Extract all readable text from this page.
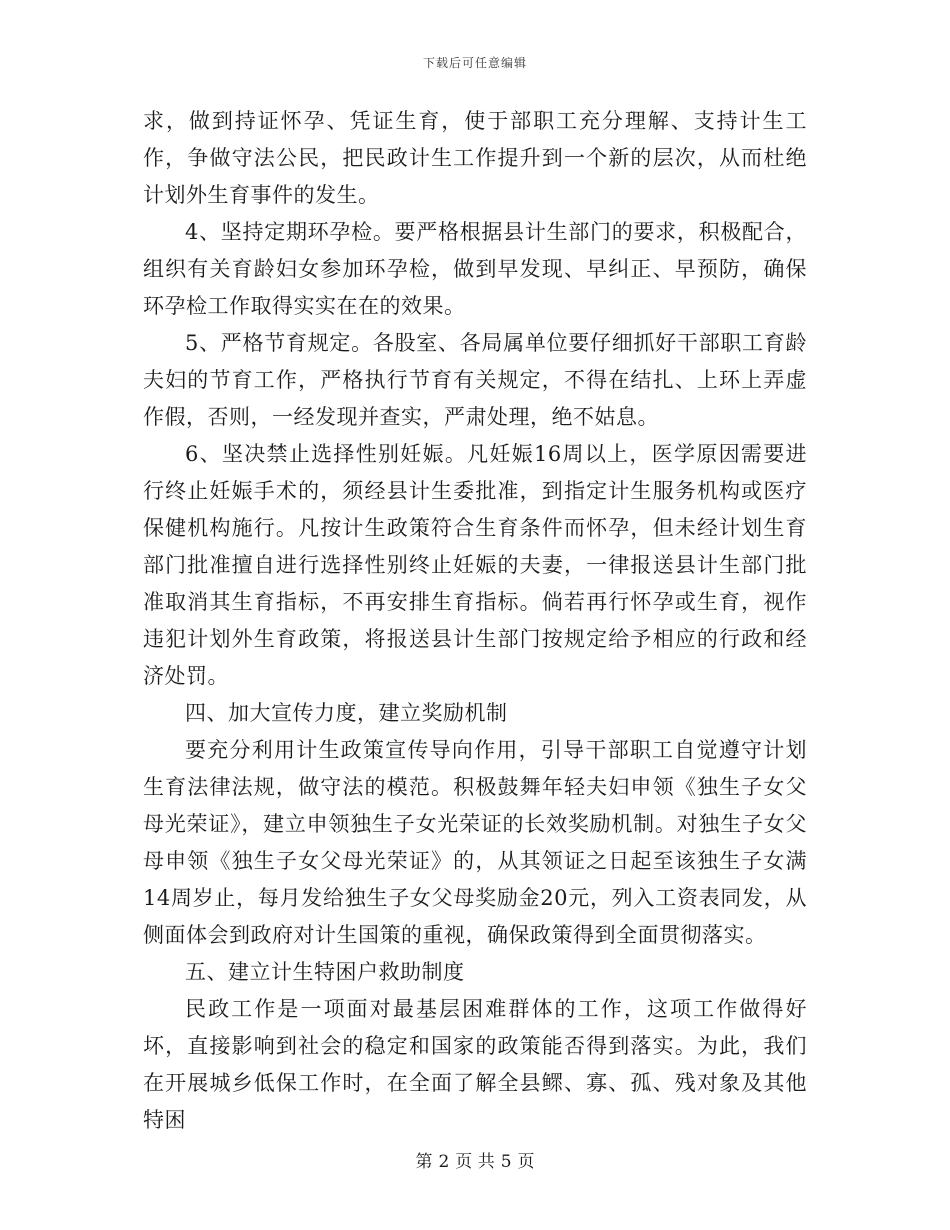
下载后可任意编辑

求，做到持证怀孕、凭证生育，使于部职工充分理解、支持计生工作，争做守法公民，把民政计生工作提升到一个新的层次，从而杜绝计划外生育事件的发生。

4、坚持定期环孕检。要严格根据县计生部门的要求，积极配合，组织有关育龄妇女参加环孕检，做到早发现、早纠正、早预防，确保环孕检工作取得实实在在的效果。

5、严格节育规定。各股室、各局属单位要仔细抓好干部职工育龄夫妇的节育工作，严格执行节育有关规定，不得在结扎、上环上弄虚作假，否则，一经发现并查实，严肃处理，绝不姑息。

6、坚决禁止选择性别妊娠。凡妊娠16周以上，医学原因需要进行终止妊娠手术的，须经县计生委批准，到指定计生服务机构或医疗保健机构施行。凡按计生政策符合生育条件而怀孕，但未经计划生育部门批准擅自进行选择性别终止妊娠的夫妻，一律报送县计生部门批准取消其生育指标，不再安排生育指标。倘若再行怀孕或生育，视作违犯计划外生育政策，将报送县计生部门按规定给予相应的行政和经济处罚。

四、加大宣传力度，建立奖励机制

要充分利用计生政策宣传导向作用，引导干部职工自觉遵守计划生育法律法规，做守法的模范。积极鼓舞年轻夫妇申领《独生子女父母光荣证》，建立申领独生子女光荣证的长效奖励机制。对独生子女父母申领《独生子女父母光荣证》的，从其领证之日起至该独生子女满14周岁止，每月发给独生子女父母奖励金20元，列入工资表同发，从侧面体会到政府对计生国策的重视，确保政策得到全面贯彻落实。

五、建立计生特困户救助制度

民政工作是一项面对最基层困难群体的工作，这项工作做得好坏，直接影响到社会的稳定和国家的政策能否得到落实。为此，我们在开展城乡低保工作时，在全面了解全县鳏、寡、孤、残对象及其他特困

第 2 页 共 5 页
